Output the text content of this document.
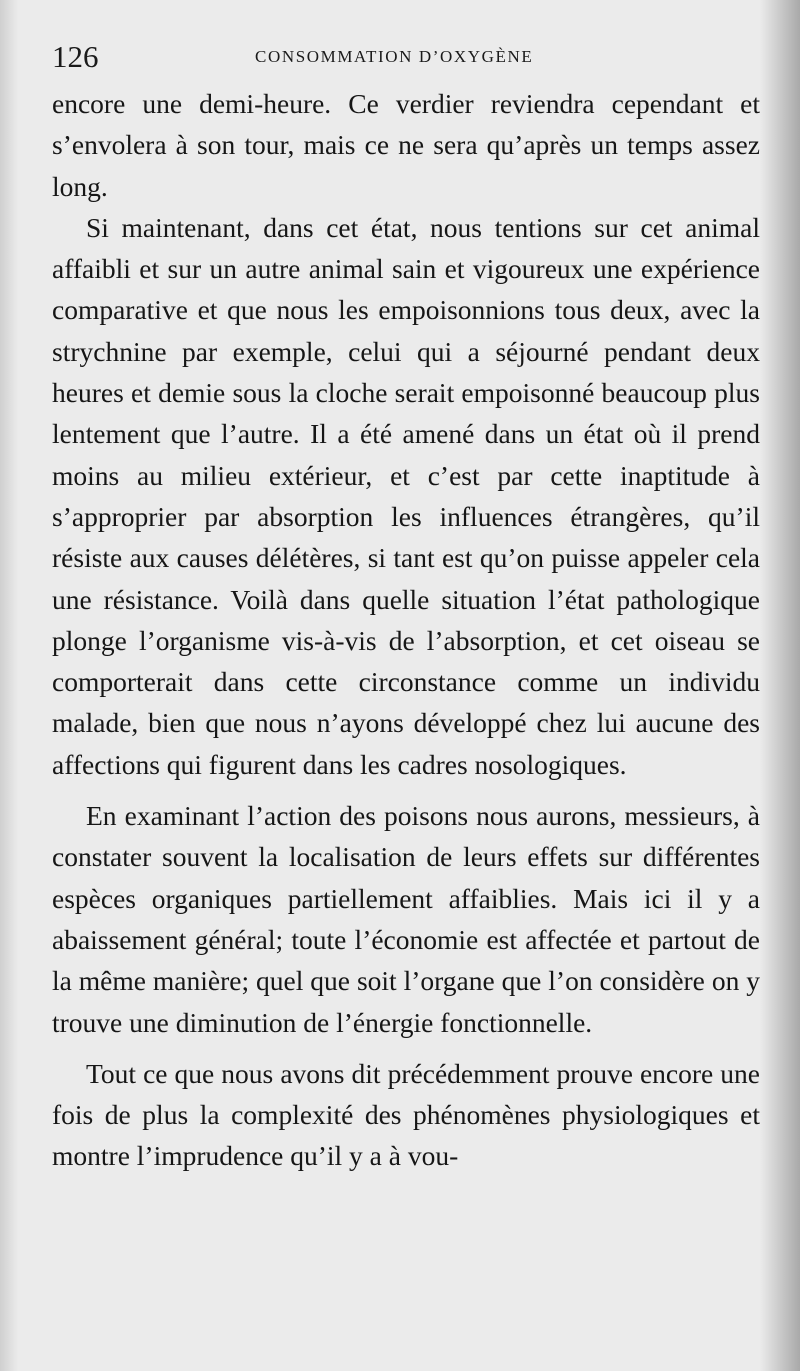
126	CONSOMMATION D’OXYGÈNE

encore une demi-heure. Ce verdier reviendra cependant et s’envolera à son tour, mais ce ne sera qu’après un temps assez long.

Si maintenant, dans cet état, nous tentions sur cet animal affaibli et sur un autre animal sain et vigoureux une expérience comparative et que nous les empoisonnions tous deux, avec la strychnine par exemple, celui qui a séjourné pendant deux heures et demie sous la cloche serait empoisonné beaucoup plus lentement que l’autre. Il a été amené dans un état où il prend moins au milieu extérieur, et c’est par cette inaptitude à s’approprier par absorption les influences étrangères, qu’il résiste aux causes délétères, si tant est qu’on puisse appeler cela une résistance. Voilà dans quelle situation l’état pathologique plonge l’organisme vis-à-vis de l’absorption, et cet oiseau se comporterait dans cette circonstance comme un individu malade, bien que nous n’ayons développé chez lui aucune des affections qui figurent dans les cadres nosologiques.

En examinant l’action des poisons nous aurons, messieurs, à constater souvent la localisation de leurs effets sur différentes espèces organiques partiellement affaiblies. Mais ici il y a abaissement général; toute l’économie est affectée et partout de la même manière; quel que soit l’organe que l’on considère on y trouve une diminution de l’énergie fonctionnelle.

Tout ce que nous avons dit précédemment prouve encore une fois de plus la complexité des phénomènes physiologiques et montre l’imprudence qu’il y a à vou-
